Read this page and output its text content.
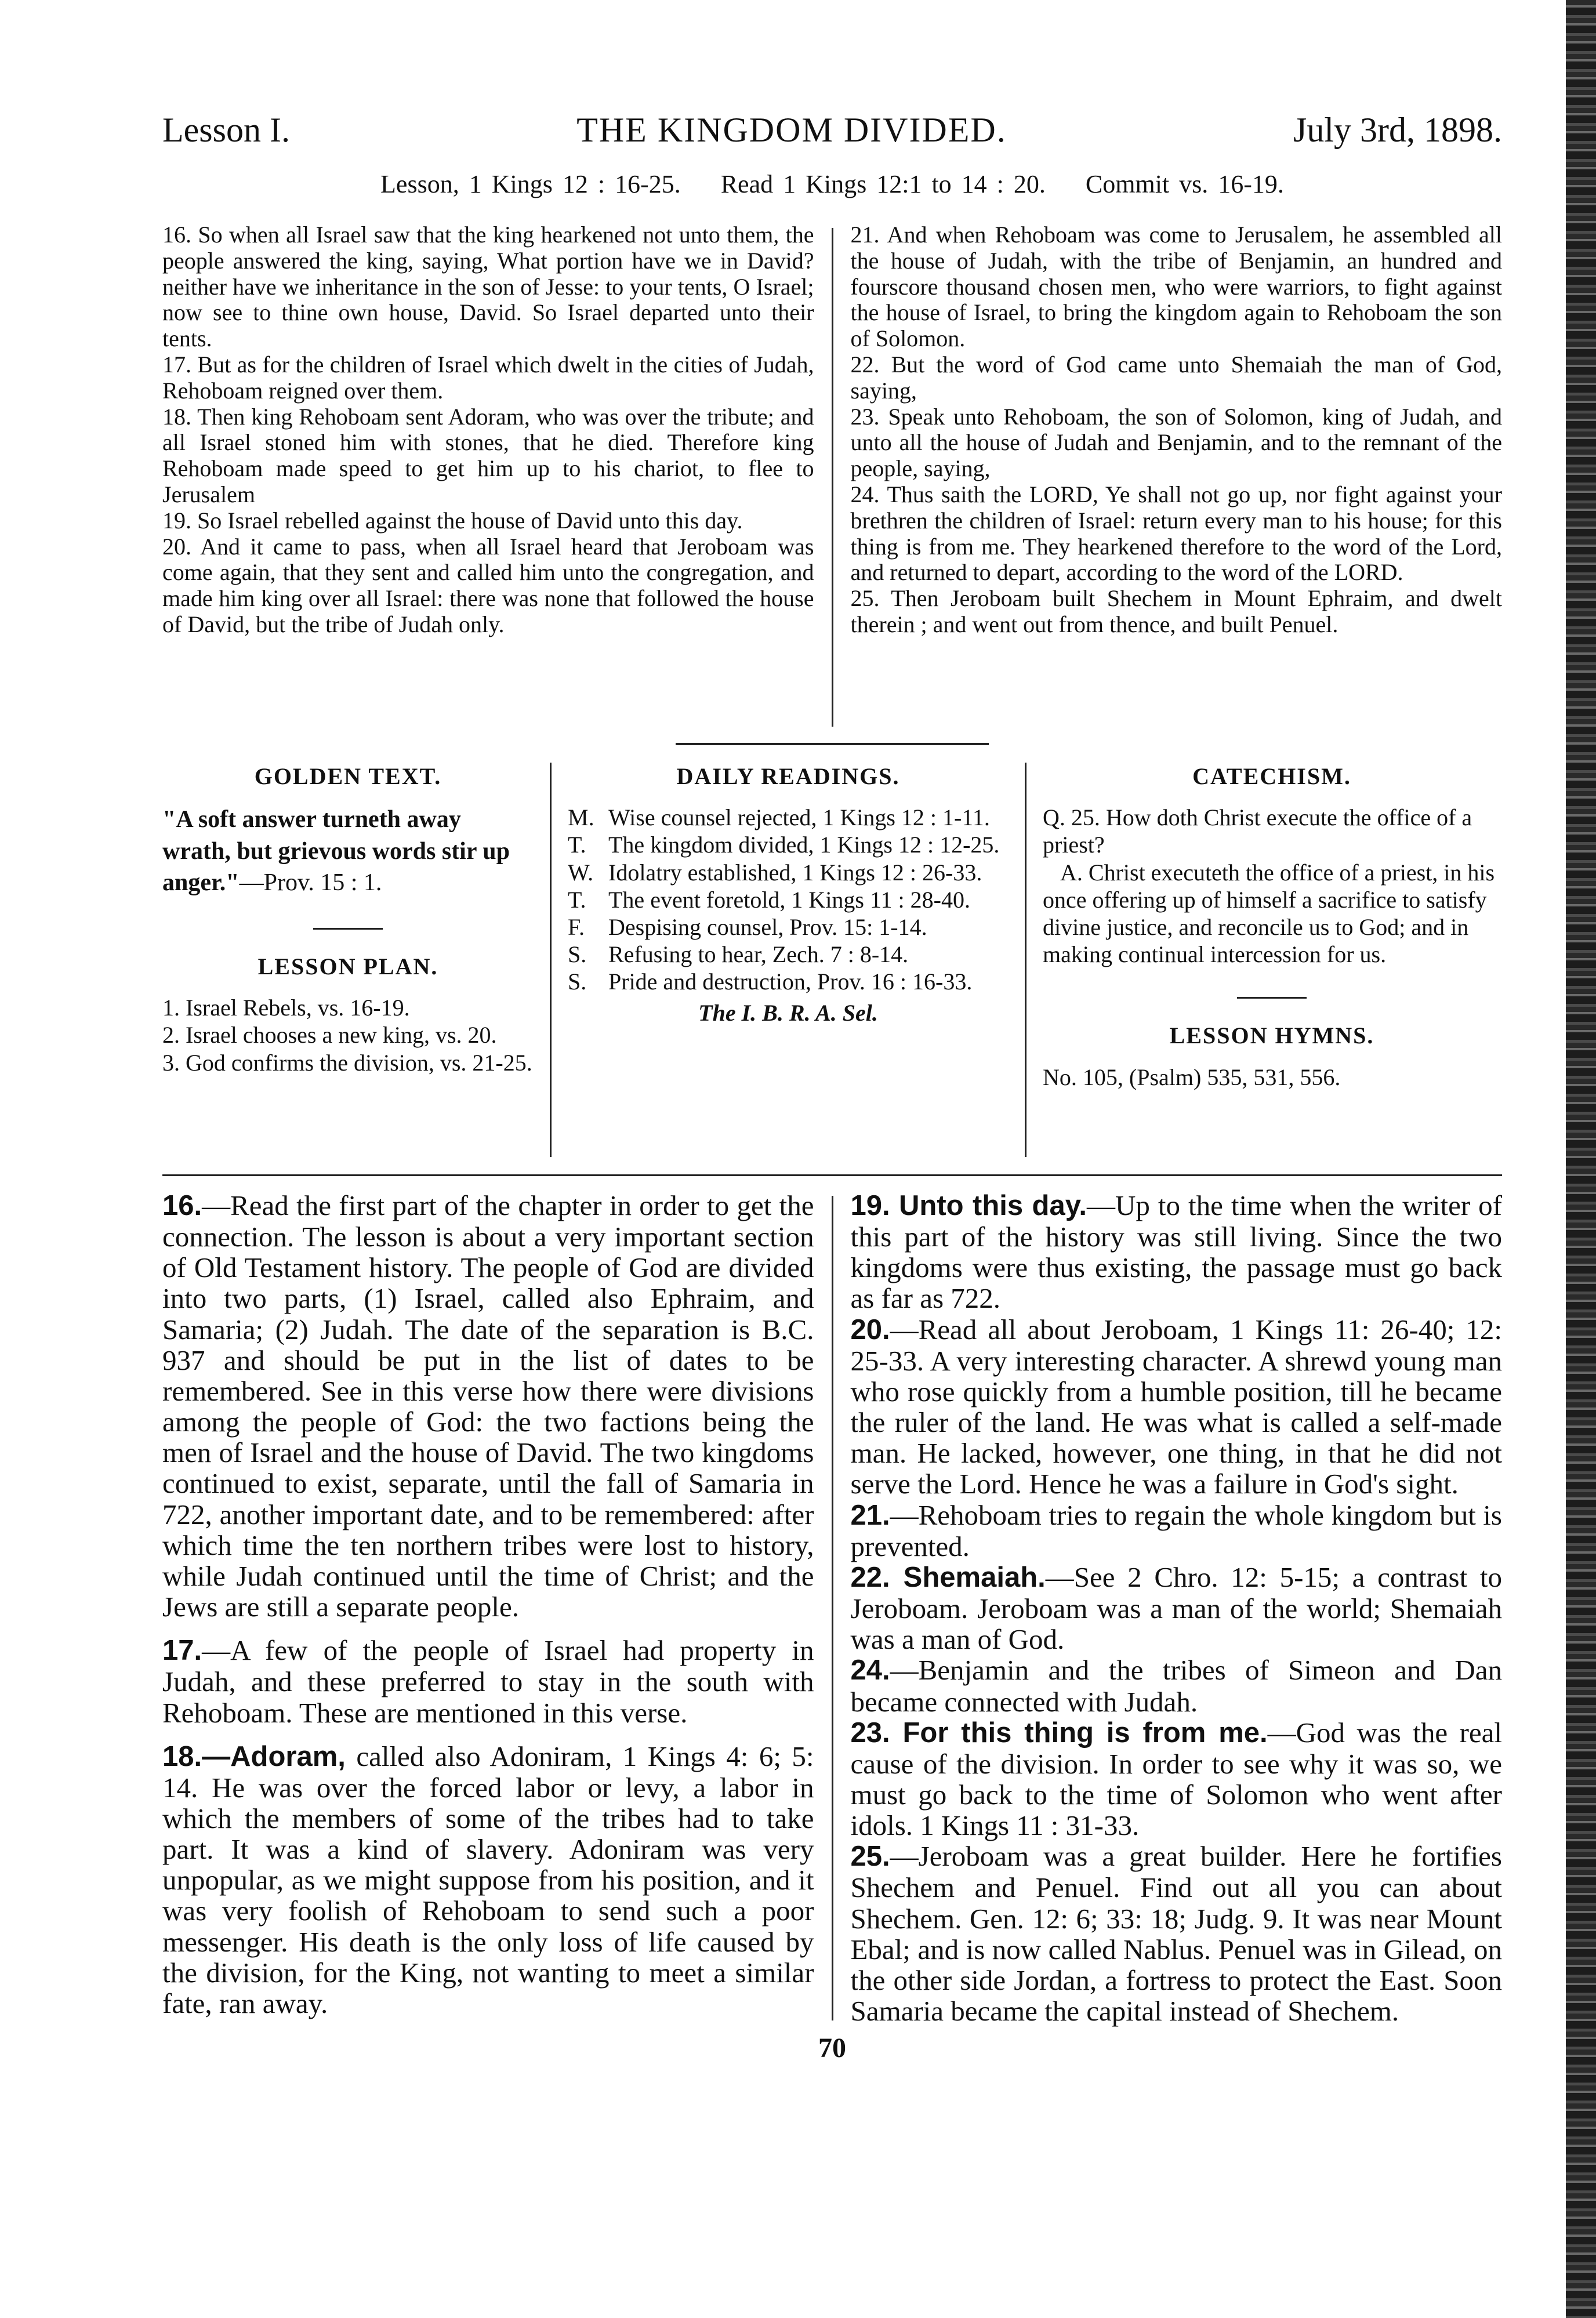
Lesson I.	THE KINGDOM DIVIDED.	July 3rd, 1898.
Lesson, 1 Kings 12 : 16-25. Read 1 Kings 12:1 to 14 : 20. Commit vs. 16-19.

16. So when all Israel saw that the king hearkened not unto them, the people answered the king, saying, What portion have we in David? neither have we inheritance in the son of Jesse: to your tents, O Israel; now see to thine own house, David. So Israel departed unto their tents.

17. But as for the children of Israel which dwelt in the cities of Judah, Rehoboam reigned over them.

18. Then king Rehoboam sent Adoram, who was over the tribute; and all Israel stoned him with stones, that he died. Therefore king Rehoboam made speed to get him up to his chariot, to flee to Jerusalem

19. So Israel rebelled against the house of David unto this day.

20. And it came to pass, when all Israel heard that Jeroboam was come again, that they sent and called him unto the congregation, and made him king over all Israel: there was none that followed the house of David, but the tribe of Judah only.

21. And when Rehoboam was come to Jerusalem, he assembled all the house of Judah, with the tribe of Benjamin, an hundred and fourscore thousand chosen men, who were warriors, to fight against the house of Israel, to bring the kingdom again to Rehoboam the son of Solomon.

22. But the word of God came unto Shemaiah the man of God, saying,

23. Speak unto Rehoboam, the son of Solomon, king of Judah, and unto all the house of Judah and Benjamin, and to the remnant of the people, saying,

24. Thus saith the LORD, Ye shall not go up, nor fight against your brethren the children of Israel: return every man to his house; for this thing is from me. They hearkened therefore to the word of the Lord, and returned to depart, according to the word of the LORD.

25. Then Jeroboam built Shechem in Mount Ephraim, and dwelt therein ; and went out from thence, and built Penuel.

GOLDEN TEXT.
"A soft answer turneth away wrath, but grievous words stir up anger."—Prov. 15 : 1.
LESSON PLAN.
1. Israel Rebels, vs. 16-19.
2. Israel chooses a new king, vs. 20.
3. God confirms the division, vs. 21-25.
DAILY READINGS.
M. Wise counsel rejected, 1 Kings 12 : 1-11.
T. The kingdom divided, 1 Kings 12 : 12-25.
W. Idolatry established, 1 Kings 12 : 26-33.
T. The event foretold, 1 Kings 11 : 28-40.
F.	Despising counsel, Prov. 15: 1-14.
S. Refusing to hear, Zech. 7 : 8-14.
S. Pride and destruction, Prov. 16 : 16-33.
The I. B. R. A. Sel.
CATECHISM.
Q. 25. How doth Christ execute the office of a priest?
A. Christ executeth the office of a priest, in his once offering up of himself a sacrifice to satisfy divine justice, and reconcile us to God; and in making continual intercession for us.
LESSON HYMNS.
No. 105, (Psalm) 535, 531, 556.

16.—Read the first part of the chapter in order to get the connection. The lesson is about a very important section of Old Testament history. The people of God are divided into two parts, (1) Israel, called also Ephraim, and Samaria; (2) Judah. The date of the separation is B.C. 937 and should be put in the list of dates to be remembered. See in this verse how there were divisions among the people of God: the two factions being the men of Israel and the house of David. The two kingdoms continued to exist, separate, until the fall of Samaria in 722, another important date, and to be remembered: after which time the ten northern tribes were lost to history, while Judah continued until the time of Christ; and the Jews are still a separate people.

17.—A few of the people of Israel had property in Judah, and these preferred to stay in the south with Rehoboam. These are mentioned in this verse.

18.—Adoram, called also Adoniram, 1 Kings 4: 6; 5: 14. He was over the forced labor or levy, a labor in which the members of some of the tribes had to take part. It was a kind of slavery. Adoniram was very unpopular, as we might suppose from his position, and it was very foolish of Rehoboam to send such a poor messenger. His death is the only loss of life caused by the division, for the King, not wanting to meet a similar fate, ran away.

19. Unto this day.—Up to the time when the writer of this part of the history was still living. Since the two kingdoms were thus existing, the passage must go back as far as 722.

20.—Read all about Jeroboam, 1 Kings 11: 26-40; 12: 25-33. A very interesting character. A shrewd young man who rose quickly from a humble position, till he became the ruler of the land. He was what is called a self-made man. He lacked, however, one thing, in that he did not serve the Lord. Hence he was a failure in God's sight.

21.—Rehoboam tries to regain the whole kingdom but is prevented.

22. Shemaiah.—See 2 Chro. 12: 5-15; a contrast to Jeroboam. Jeroboam was a man of the world; Shemaiah was a man of God.

24.—Benjamin and the tribes of Simeon and Dan became connected with Judah.

23. For this thing is from me.—God was the real cause of the division. In order to see why it was so, we must go back to the time of Solomon who went after idols. 1 Kings 11 : 31-33.

25.—Jeroboam was a great builder. Here he fortifies Shechem and Penuel. Find out all you can about Shechem. Gen. 12: 6; 33: 18; Judg. 9. It was near Mount Ebal; and is now called Nablus. Penuel was in Gilead, on the other side Jordan, a fortress to protect the East. Soon Samaria became the capital instead of Shechem.

70
